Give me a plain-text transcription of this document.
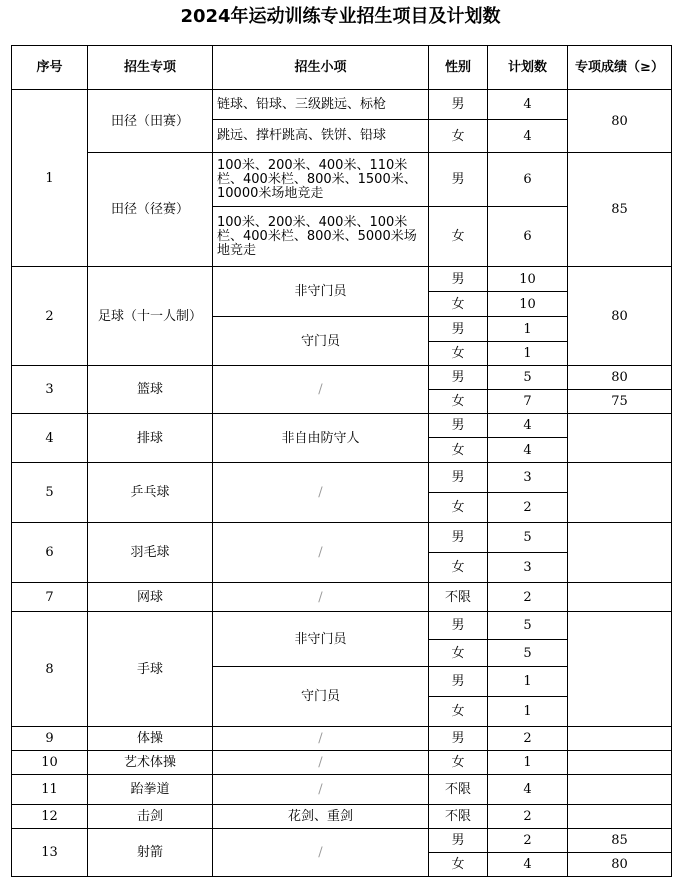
2024年运动训练专业招生项目及计划数
序号	招生专项	招生小项	性别	计划数	专项成绩（≥）
1	田径（田赛）	链球、铅球、三级跳远、标枪	男	4	80
		跳远、撑杆跳高、铁饼、铅球	女	4	
	田径（径赛）	100米、200米、400米、110米栏、400米栏、800米、1500米、10000米场地竞走	男	6	85
		100米、200米、400米、100米栏、400米栏、800米、5000米场地竞走	女	6	
2	足球（十一人制）	非守门员	男	10	80
			女	10	
		守门员	男	1	
			女	1	
3	篮球	/	男	5	80
			女	7	75
4	排球	非自由防守人	男	4	
			女	4	
5	乒乓球	/	男	3	
			女	2	
6	羽毛球	/	男	5	
			女	3	
7	网球	/	不限	2	
8	手球	非守门员	男	5	
			女	5	
		守门员	男	1	
			女	1	
9	体操	/	男	2	
10	艺术体操	/	女	1	
11	跆拳道	/	不限	4	
12	击剑	花剑、重剑	不限	2	
13	射箭	/	男	2	85
			女	4	80
